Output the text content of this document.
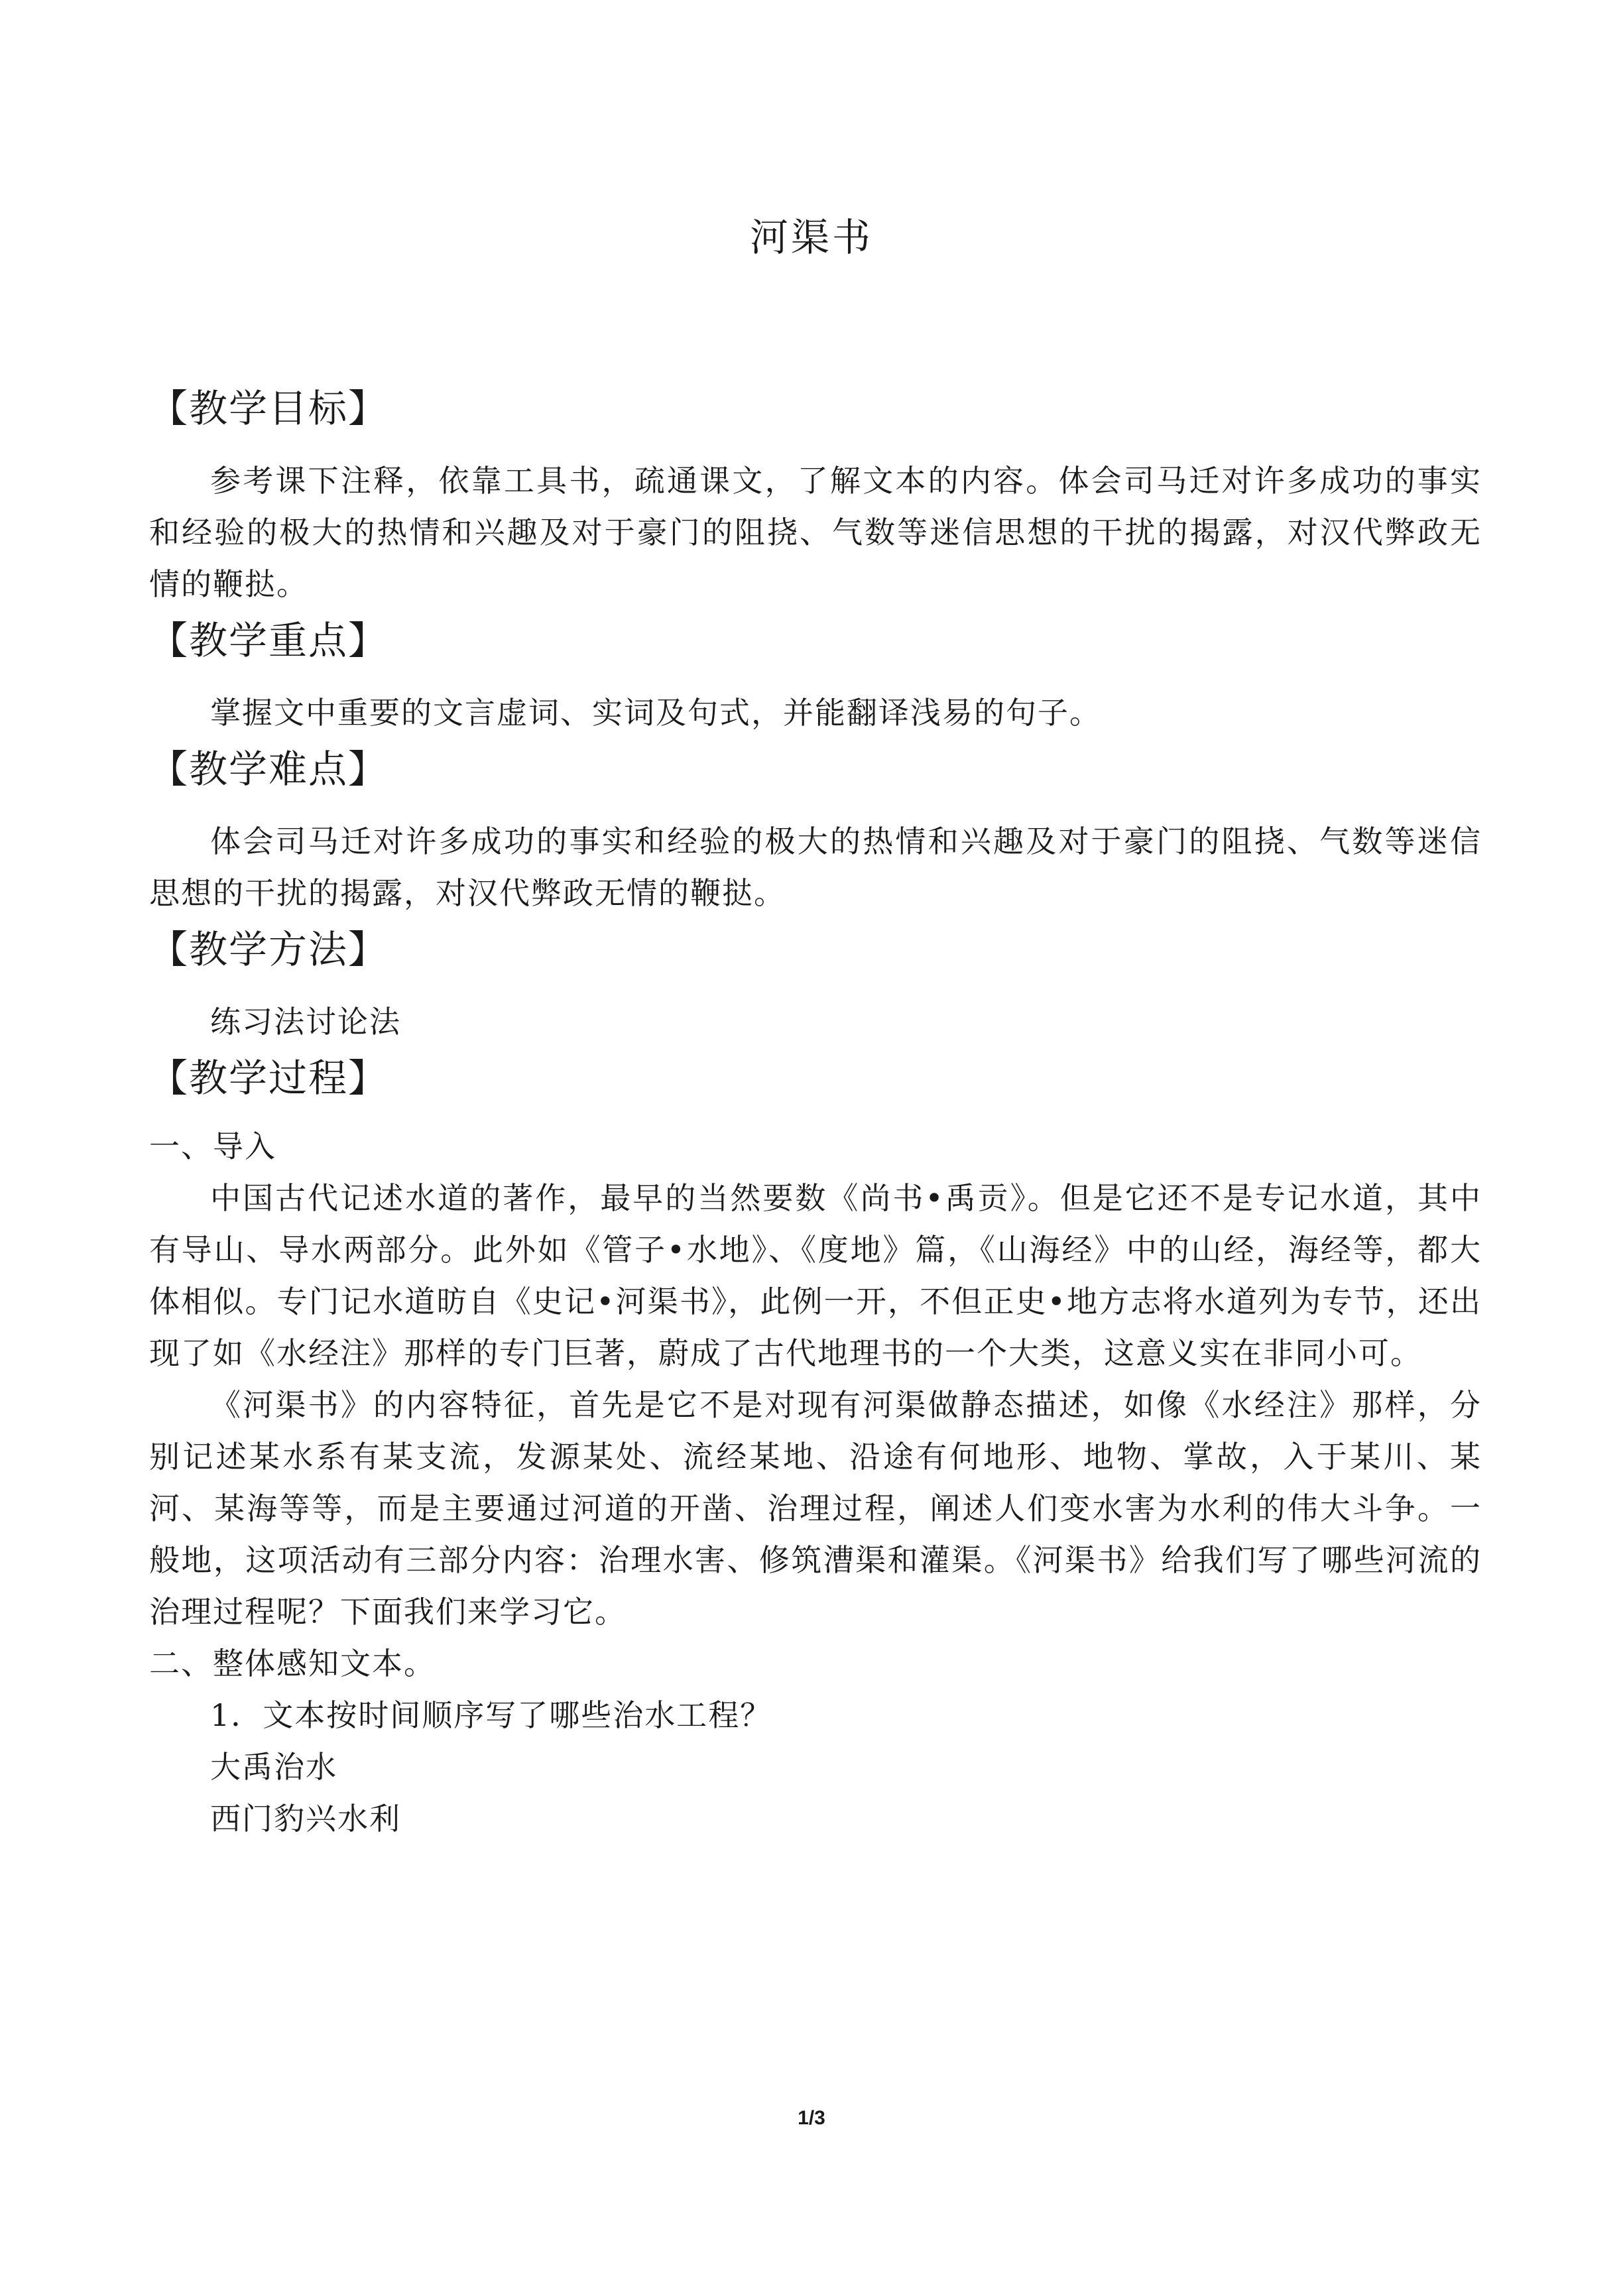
河渠书

【教学目标】

参考课下注释，依靠工具书，疏通课文，了解文本的内容。体会司马迁对许多成功的事实和经验的极大的热情和兴趣及对于豪门的阻挠、气数等迷信思想的干扰的揭露，对汉代弊政无情的鞭挞。

【教学重点】

掌握文中重要的文言虚词、实词及句式，并能翻译浅易的句子。

【教学难点】

体会司马迁对许多成功的事实和经验的极大的热情和兴趣及对于豪门的阻挠、气数等迷信思想的干扰的揭露，对汉代弊政无情的鞭挞。

【教学方法】

练习法讨论法

【教学过程】

一、导入

中国古代记述水道的著作，最早的当然要数《尚书•禹贡》。但是它还不是专记水道，其中有导山、导水两部分。此外如《管子•水地》、《度地》篇，《山海经》中的山经，海经等，都大体相似。专门记水道昉自《史记•河渠书》，此例一开，不但正史•地方志将水道列为专节，还出现了如《水经注》那样的专门巨著，蔚成了古代地理书的一个大类，这意义实在非同小可。

《河渠书》的内容特征，首先是它不是对现有河渠做静态描述，如像《水经注》那样，分别记述某水系有某支流，发源某处、流经某地、沿途有何地形、地物、掌故，入于某川、某河、某海等等，而是主要通过河道的开凿、治理过程，阐述人们变水害为水利的伟大斗争。一般地，这项活动有三部分内容：治理水害、修筑漕渠和灌渠。《河渠书》给我们写了哪些河流的治理过程呢？下面我们来学习它。

二、整体感知文本。

1．文本按时间顺序写了哪些治水工程？

大禹治水

西门豹兴水利

1/3
